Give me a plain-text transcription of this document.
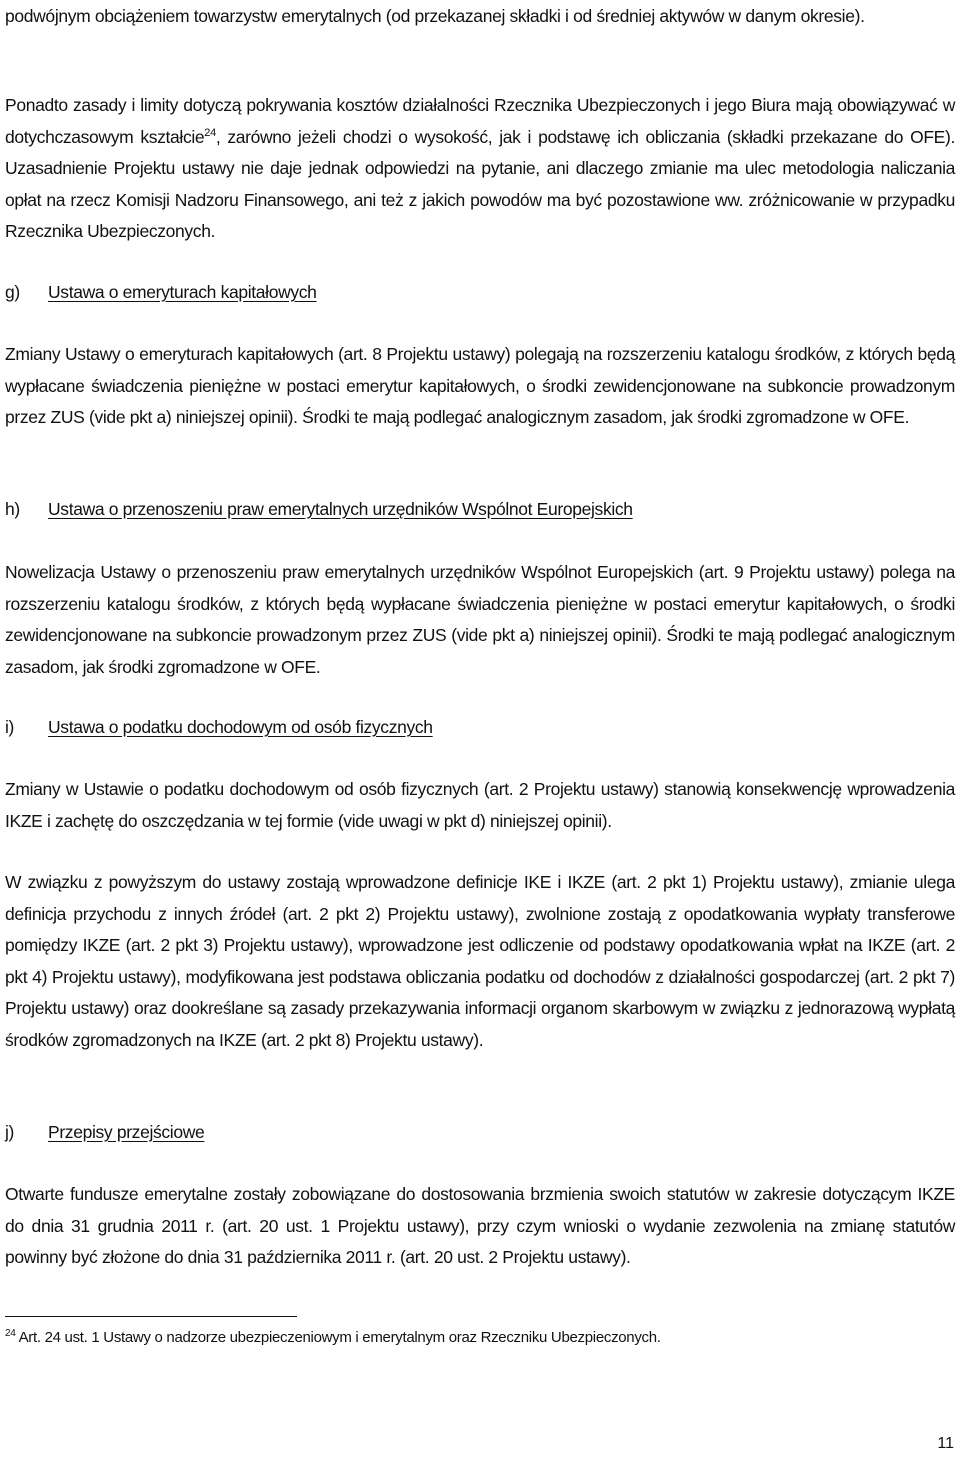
podwójnym obciążeniem towarzystw emerytalnych (od przekazanej składki i od średniej aktywów w danym okresie).

Ponadto zasady i limity dotyczą pokrywania kosztów działalności Rzecznika Ubezpieczonych i jego Biura mają obowiązywać w dotychczasowym kształcie$^{24}$, zarówno jeżeli chodzi o wysokość, jak i podstawę ich obliczania (składki przekazane do OFE). Uzasadnienie Projektu ustawy nie daje jednak odpowiedzi na pytanie, ani dlaczego zmianie ma ulec metodologia naliczania opłat na rzecz Komisji Nadzoru Finansowego, ani też z jakich powodów ma być pozostawione ww. zróżnicowanie w przypadku Rzecznika Ubezpieczonych.

g) Ustawa o emeryturach kapitałowych

Zmiany Ustawy o emeryturach kapitałowych (art. 8 Projektu ustawy) polegają na rozszerzeniu katalogu środków, z których będą wypłacane świadczenia pieniężne w postaci emerytur kapitałowych, o środki zewidencjonowane na subkoncie prowadzonym przez ZUS (vide pkt a) niniejszej opinii). Środki te mają podlegać analogicznym zasadom, jak środki zgromadzone w OFE.

h) Ustawa o przenoszeniu praw emerytalnych urzędników Wspólnot Europejskich

Nowelizacja Ustawy o przenoszeniu praw emerytalnych urzędników Wspólnot Europejskich (art. 9 Projektu ustawy) polega na rozszerzeniu katalogu środków, z których będą wypłacane świadczenia pieniężne w postaci emerytur kapitałowych, o środki zewidencjonowane na subkoncie prowadzonym przez ZUS (vide pkt a) niniejszej opinii). Środki te mają podlegać analogicznym zasadom, jak środki zgromadzone w OFE.

i) Ustawa o podatku dochodowym od osób fizycznych

Zmiany w Ustawie o podatku dochodowym od osób fizycznych (art. 2 Projektu ustawy) stanowią konsekwencję wprowadzenia IKZE i zachętę do oszczędzania w tej formie (vide uwagi w pkt d) niniejszej opinii).

W związku z powyższym do ustawy zostają wprowadzone definicje IKE i IKZE (art. 2 pkt 1) Projektu ustawy), zmianie ulega definicja przychodu z innych źródeł (art. 2 pkt 2) Projektu ustawy), zwolnione zostają z opodatkowania wypłaty transferowe pomiędzy IKZE (art. 2 pkt 3) Projektu ustawy), wprowadzone jest odliczenie od podstawy opodatkowania wpłat na IKZE (art. 2 pkt 4) Projektu ustawy), modyfikowana jest podstawa obliczania podatku od dochodów z działalności gospodarczej (art. 2 pkt 7) Projektu ustawy) oraz dookreślane są zasady przekazywania informacji organom skarbowym w związku z jednorazową wypłatą środków zgromadzonych na IKZE (art. 2 pkt 8) Projektu ustawy).

j) Przepisy przejściowe

Otwarte fundusze emerytalne zostały zobowiązane do dostosowania brzmienia swoich statutów w zakresie dotyczącym IKZE do dnia 31 grudnia 2011 r. (art. 20 ust. 1 Projektu ustawy), przy czym wnioski o wydanie zezwolenia na zmianę statutów powinny być złożone do dnia 31 października 2011 r. (art. 20 ust. 2 Projektu ustawy).

$^{24}$ Art. 24 ust. 1 Ustawy o nadzorze ubezpieczeniowym i emerytalnym oraz Rzeczniku Ubezpieczonych.
11
